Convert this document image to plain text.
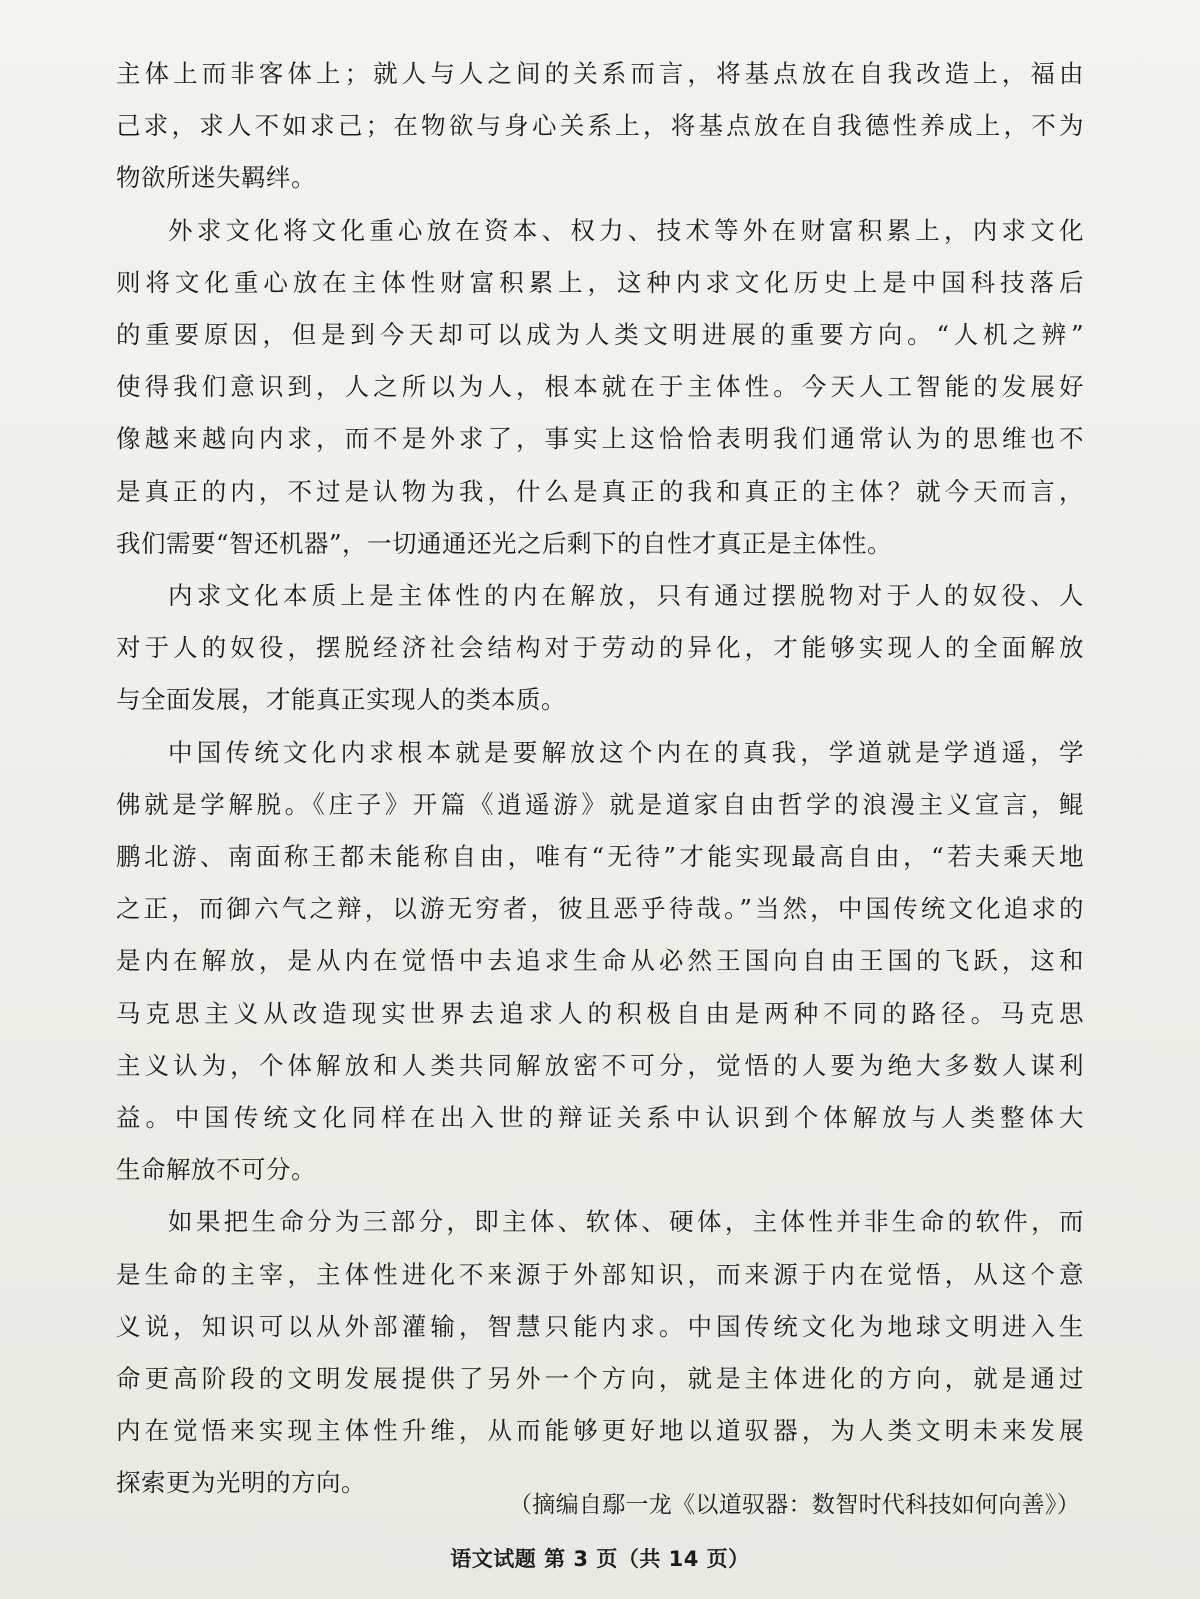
主体上而非客体上；就人与人之间的关系而言，将基点放在自我改造上，福由
己求，求人不如求己；在物欲与身心关系上，将基点放在自我德性养成上，不为
物欲所迷失羁绊。
外求文化将文化重心放在资本、权力、技术等外在财富积累上，内求文化
则将文化重心放在主体性财富积累上，这种内求文化历史上是中国科技落后
的重要原因，但是到今天却可以成为人类文明进展的重要方向。“人机之辨”
使得我们意识到，人之所以为人，根本就在于主体性。今天人工智能的发展好
像越来越向内求，而不是外求了，事实上这恰恰表明我们通常认为的思维也不
是真正的内，不过是认物为我，什么是真正的我和真正的主体？就今天而言，
我们需要“智还机器”，一切通通还光之后剩下的自性才真正是主体性。
内求文化本质上是主体性的内在解放，只有通过摆脱物对于人的奴役、人
对于人的奴役，摆脱经济社会结构对于劳动的异化，才能够实现人的全面解放
与全面发展，才能真正实现人的类本质。
中国传统文化内求根本就是要解放这个内在的真我，学道就是学逍遥，学
佛就是学解脱。《庄子》开篇《逍遥游》就是道家自由哲学的浪漫主义宣言，鲲
鹏北游、南面称王都未能称自由，唯有“无待”才能实现最高自由，“若夫乘天地
之正，而御六气之辩，以游无穷者，彼且恶乎待哉。”当然，中国传统文化追求的
是内在解放，是从内在觉悟中去追求生命从必然王国向自由王国的飞跃，这和
马克思主义从改造现实世界去追求人的积极自由是两种不同的路径。马克思
主义认为，个体解放和人类共同解放密不可分，觉悟的人要为绝大多数人谋利
益。中国传统文化同样在出入世的辩证关系中认识到个体解放与人类整体大
生命解放不可分。
如果把生命分为三部分，即主体、软体、硬体，主体性并非生命的软件，而
是生命的主宰，主体性进化不来源于外部知识，而来源于内在觉悟，从这个意
义说，知识可以从外部灌输，智慧只能内求。中国传统文化为地球文明进入生
命更高阶段的文明发展提供了另外一个方向，就是主体进化的方向，就是通过
内在觉悟来实现主体性升维，从而能够更好地以道驭器，为人类文明未来发展
探索更为光明的方向。
（摘编自鄢一龙《以道驭器：数智时代科技如何向善》）
语文试题 第 3 页（共 14 页）
